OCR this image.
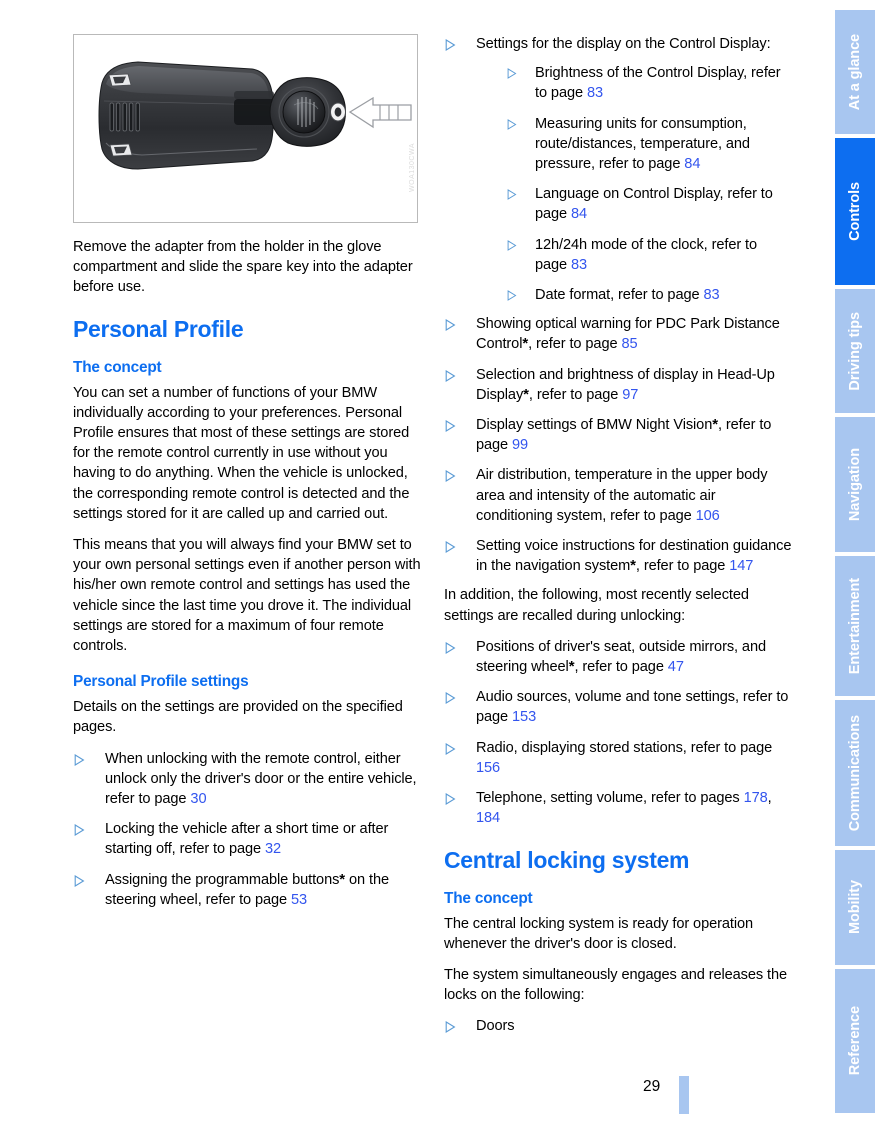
WOA130CWA

Remove the adapter from the holder in the glove compartment and slide the spare key into the adapter before use.

Personal Profile
The concept

You can set a number of functions of your BMW individually according to your preferences. Personal Profile ensures that most of these settings are stored for the remote control currently in use without you having to do anything. When the vehicle is unlocked, the corresponding remote control is detected and the settings stored for it are called up and carried out.

This means that you will always find your BMW set to your own personal settings even if another person with his/her own remote control and settings has used the vehicle since the last time you drove it. The individual settings are stored for a maximum of four remote controls.

Personal Profile settings

Details on the settings are provided on the specified pages.

When unlocking with the remote control, either unlock only the driver's door or the entire vehicle, refer to page 30
Locking the vehicle after a short time or after starting off, refer to page 32
Assigning the programmable buttons* on the steering wheel, refer to page 53
Settings for the display on the Control Display:
Brightness of the Control Display, refer to page 83
Measuring units for consumption, route/distances, temperature, and pressure, refer to page 84
Language on Control Display, refer to page 84
12h/24h mode of the clock, refer to page 83
Date format, refer to page 83
Showing optical warning for PDC Park Distance Control*, refer to page 85
Selection and brightness of display in Head-Up Display*, refer to page 97
Display settings of BMW Night Vision*, refer to page 99
Air distribution, temperature in the upper body area and intensity of the automatic air conditioning system, refer to page 106
Setting voice instructions for destination guidance in the navigation system*, refer to page 147

In addition, the following, most recently selected settings are recalled during unlocking:

Positions of driver's seat, outside mirrors, and steering wheel*, refer to page 47
Audio sources, volume and tone settings, refer to page 153
Radio, displaying stored stations, refer to page 156
Telephone, setting volume, refer to pages 178, 184
Central locking system
The concept

The central locking system is ready for operation whenever the driver's door is closed.

The system simultaneously engages and releases the locks on the following:

Doors
At a glance
Controls
Driving tips
Navigation
Entertainment
Communications
Mobility
Reference
29
